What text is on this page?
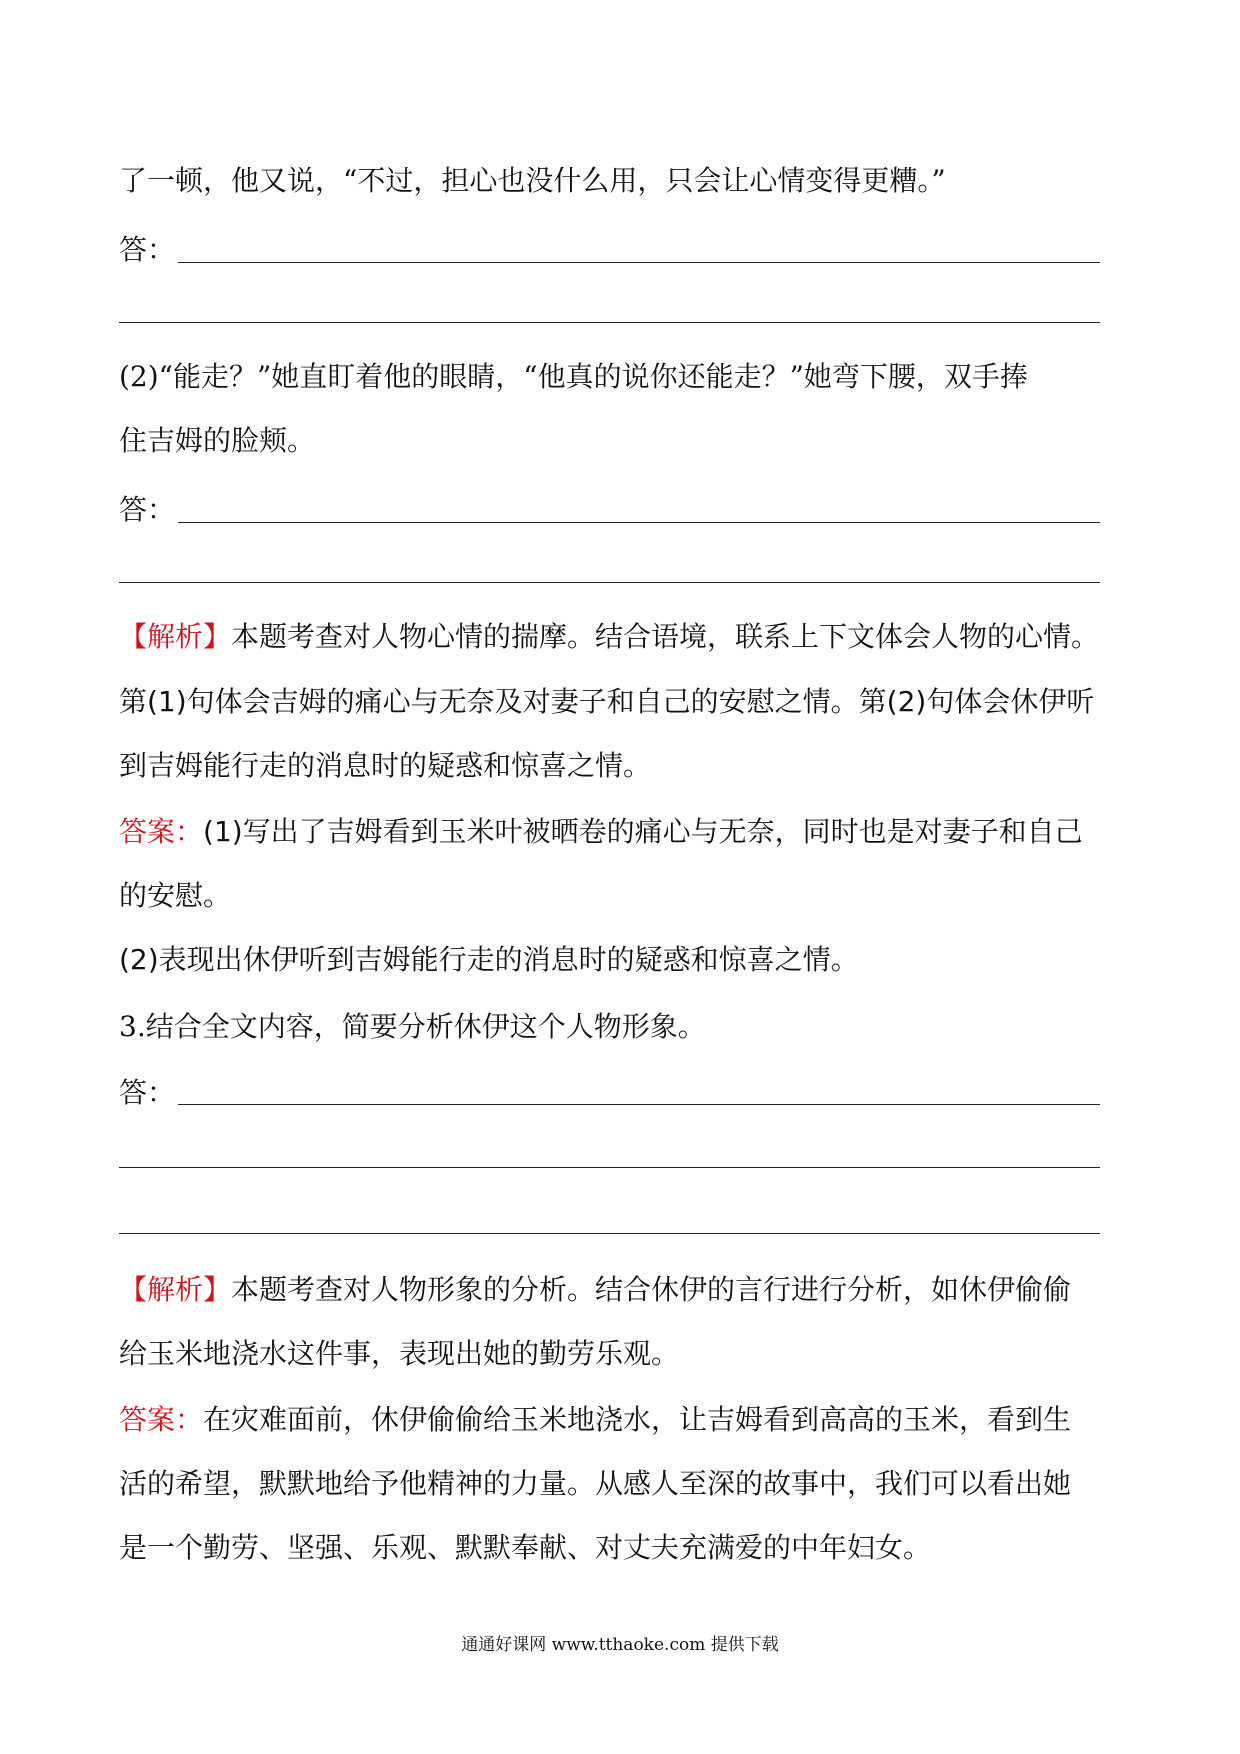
了一顿，他又说，“不过，担心也没什么用，只会让心情变得更糟。”
答：
(2)“能走？”她直盯着他的眼睛，“他真的说你还能走？”她弯下腰，双手捧
住吉姆的脸颊。
答：
【解析】本题考查对人物心情的揣摩。结合语境，联系上下文体会人物的心情。
第(1)句体会吉姆的痛心与无奈及对妻子和自己的安慰之情。第(2)句体会休伊听
到吉姆能行走的消息时的疑惑和惊喜之情。
答案：(1)写出了吉姆看到玉米叶被晒卷的痛心与无奈，同时也是对妻子和自己
的安慰。
(2)表现出休伊听到吉姆能行走的消息时的疑惑和惊喜之情。
3.结合全文内容，简要分析休伊这个人物形象。
答：
【解析】本题考查对人物形象的分析。结合休伊的言行进行分析，如休伊偷偷
给玉米地浇水这件事，表现出她的勤劳乐观。
答案：在灾难面前，休伊偷偷给玉米地浇水，让吉姆看到高高的玉米，看到生
活的希望，默默地给予他精神的力量。从感人至深的故事中，我们可以看出她
是一个勤劳、坚强、乐观、默默奉献、对丈夫充满爱的中年妇女。
通通好课网 www.tthaoke.com 提供下载
